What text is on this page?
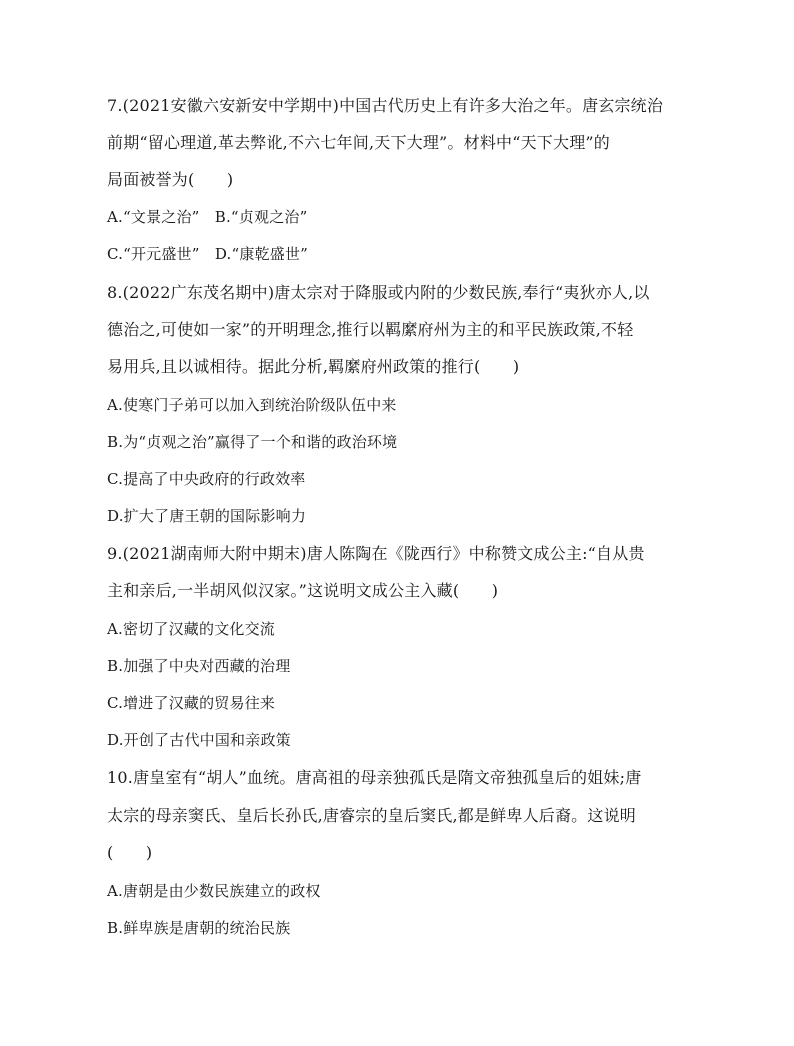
7.(2021安徽六安新安中学期中)中国古代历史上有许多大治之年。唐玄宗统治
前期“留心理道,革去弊讹,不六七年间,天下大理”。材料中“天下大理”的
局面被誉为(　　)
A.“文景之治”　B.“贞观之治”
C.“开元盛世”　D.“康乾盛世”
8.(2022广东茂名期中)唐太宗对于降服或内附的少数民族,奉行“夷狄亦人,以
德治之,可使如一家”的开明理念,推行以羁縻府州为主的和平民族政策,不轻
易用兵,且以诚相待。据此分析,羁縻府州政策的推行(　　)
A.使寒门子弟可以加入到统治阶级队伍中来
B.为“贞观之治”赢得了一个和谐的政治环境
C.提高了中央政府的行政效率
D.扩大了唐王朝的国际影响力
9.(2021湖南师大附中期末)唐人陈陶在《陇西行》中称赞文成公主:“自从贵
主和亲后,一半胡风似汉家。”这说明文成公主入藏(　　)
A.密切了汉藏的文化交流
B.加强了中央对西藏的治理
C.增进了汉藏的贸易往来
D.开创了古代中国和亲政策
10.唐皇室有“胡人”血统。唐高祖的母亲独孤氏是隋文帝独孤皇后的姐妹;唐
太宗的母亲窦氏、皇后长孙氏,唐睿宗的皇后窦氏,都是鲜卑人后裔。这说明
(　　)
A.唐朝是由少数民族建立的政权
B.鲜卑族是唐朝的统治民族
